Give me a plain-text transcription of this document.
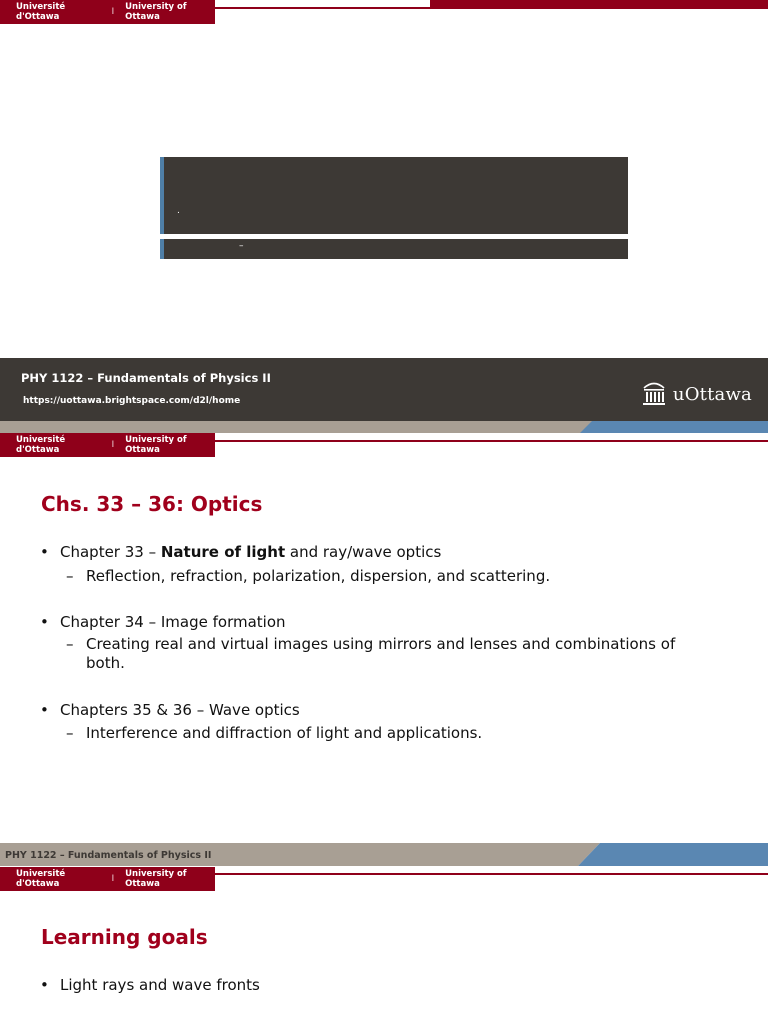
Université d'Ottawa	I University of Ottawa
.
–
PHY 1122 – Fundamentals of Physics II
https://uottawa.brightspace.com/d2l/home	uOttawa
Université d'Ottawa	I University of Ottawa
Chs. 33 – 36: Optics
• Chapter 33 – Nature of light and ray/wave optics
– Reflection, refraction, polarization, dispersion, and scattering.
• Chapter 34 – Image formation
– Creating real and virtual images using mirrors and lenses and combinations of
both.
• Chapters 35 & 36 – Wave optics
– Interference and diffraction of light and applications.
PHY 1122 – Fundamentals of Physics II
Université d'Ottawa	I University of Ottawa
Learning goals
• Light rays and wave fronts
